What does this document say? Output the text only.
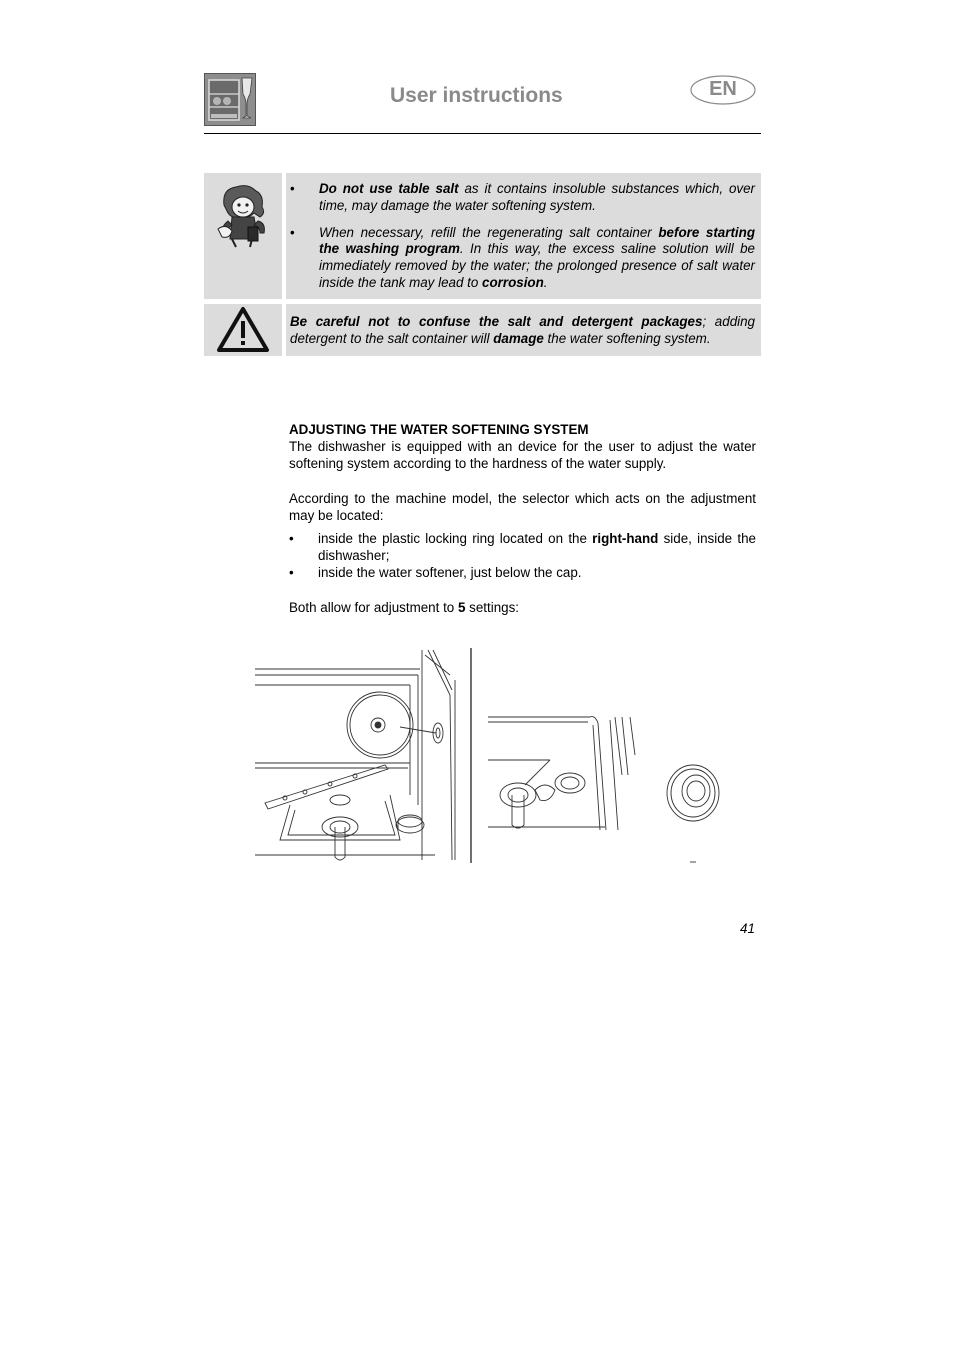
User instructions	EN
• Do not use table salt as it contains insoluble substances which, over time, may damage the water softening system.
• When necessary, refill the regenerating salt container before starting the washing program. In this way, the excess saline solution will be immediately removed by the water; the prolonged presence of salt water inside the tank may lead to corrosion.
Be careful not to confuse the salt and detergent packages; adding detergent to the salt container will damage the water softening system.

ADJUSTING THE WATER SOFTENING SYSTEM

The dishwasher is equipped with an device for the user to adjust the water softening system according to the hardness of the water supply.

According to the machine model, the selector which acts on the adjustment may be located:

• inside the plastic locking ring located on the right-hand side, inside the dishwasher;
• inside the water softener, just below the cap.

Both allow for adjustment to 5 settings:

41
